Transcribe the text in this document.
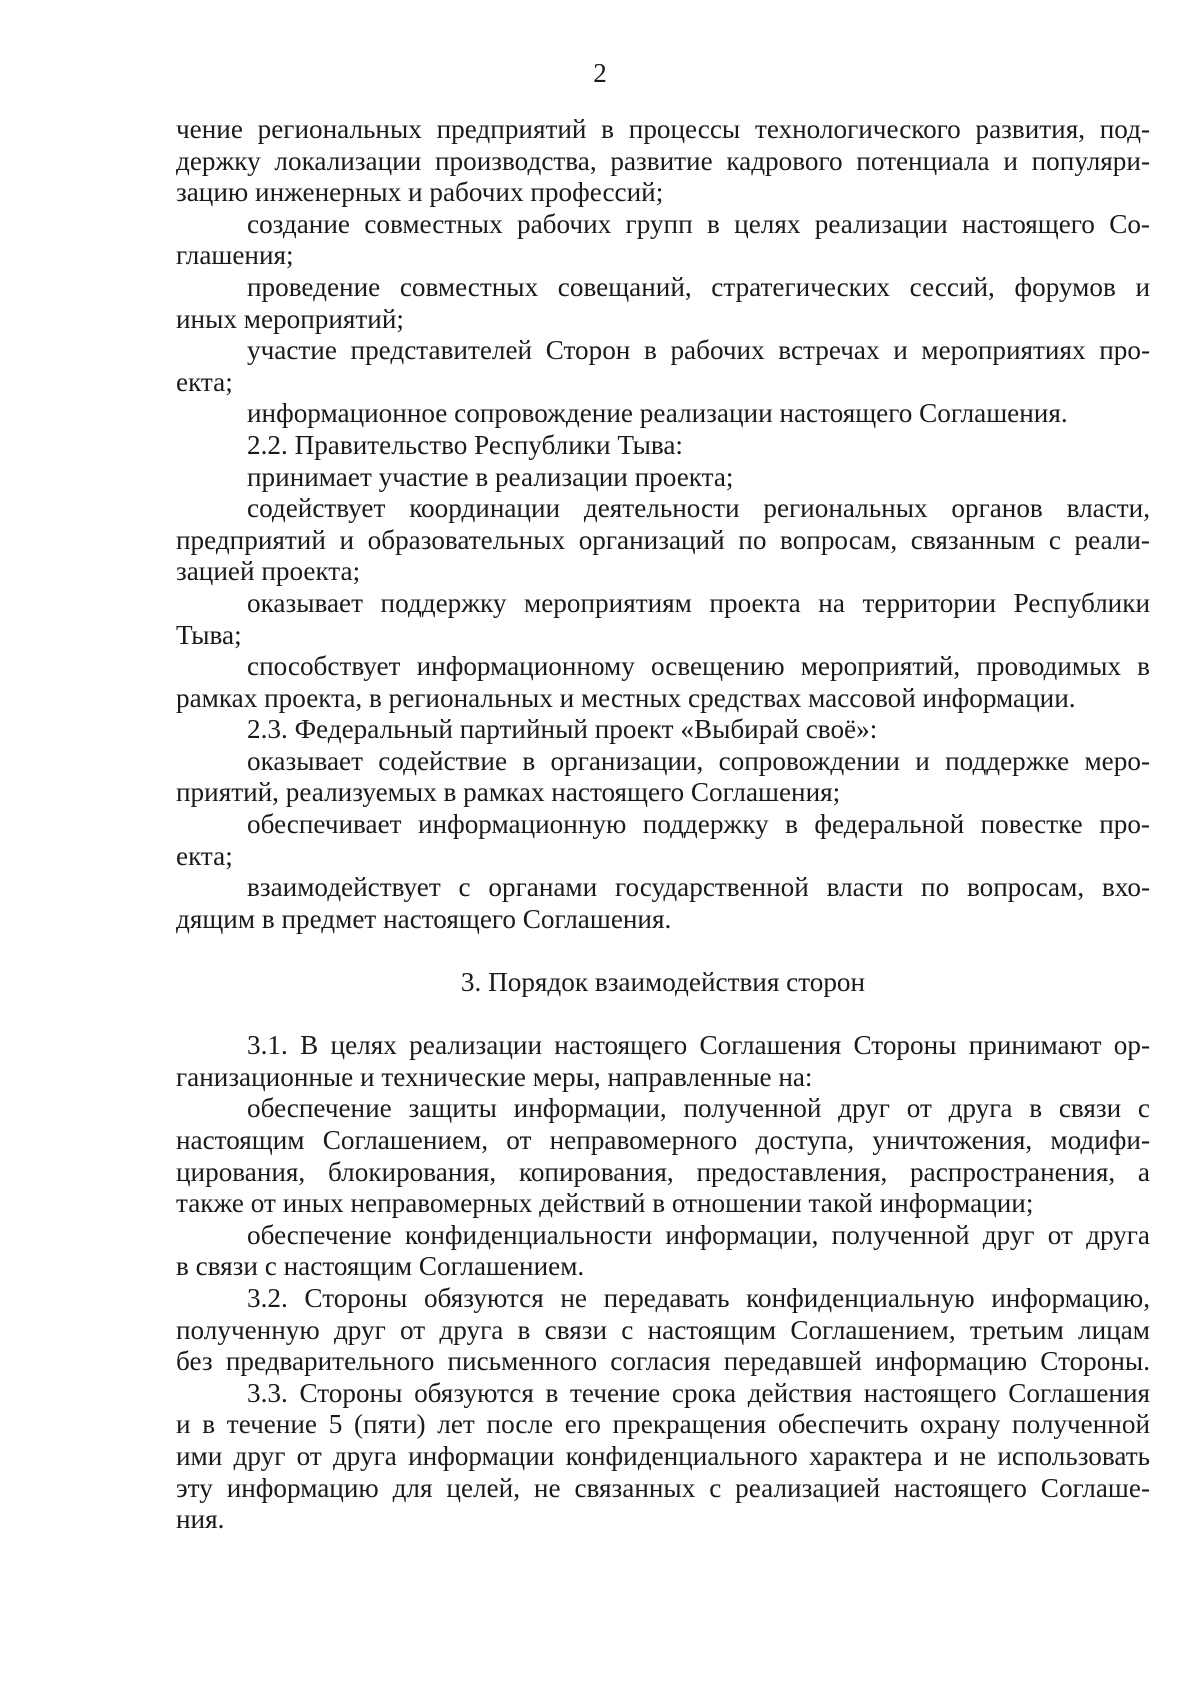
2
чение региональных предприятий в процессы технологического развития, под-
держку локализации производства, развитие кадрового потенциала и популяри-
зацию инженерных и рабочих профессий;
создание совместных рабочих групп в целях реализации настоящего Со-
глашения;
проведение совместных совещаний, стратегических сессий, форумов и
иных мероприятий;
участие представителей Сторон в рабочих встречах и мероприятиях про-
екта;
информационное сопровождение реализации настоящего Соглашения.
2.2. Правительство Республики Тыва:
принимает участие в реализации проекта;
содействует координации деятельности региональных органов власти,
предприятий и образовательных организаций по вопросам, связанным с реали-
зацией проекта;
оказывает поддержку мероприятиям проекта на территории Республики
Тыва;
способствует информационному освещению мероприятий, проводимых в
рамках проекта, в региональных и местных средствах массовой информации.
2.3. Федеральный партийный проект «Выбирай своё»:
оказывает содействие в организации, сопровождении и поддержке меро-
приятий, реализуемых в рамках настоящего Соглашения;
обеспечивает информационную поддержку в федеральной повестке про-
екта;
взаимодействует с органами государственной власти по вопросам, вхо-
дящим в предмет настоящего Соглашения.
3. Порядок взаимодействия сторон
3.1. В целях реализации настоящего Соглашения Стороны принимают ор-
ганизационные и технические меры, направленные на:
обеспечение защиты информации, полученной друг от друга в связи с
настоящим Соглашением, от неправомерного доступа, уничтожения, модифи-
цирования, блокирования, копирования, предоставления, распространения, а
также от иных неправомерных действий в отношении такой информации;
обеспечение конфиденциальности информации, полученной друг от друга
в связи с настоящим Соглашением.
3.2. Стороны обязуются не передавать конфиденциальную информацию,
полученную друг от друга в связи с настоящим Соглашением, третьим лицам
без предварительного письменного согласия передавшей информацию Стороны.
3.3. Стороны обязуются в течение срока действия настоящего Соглашения
и в течение 5 (пяти) лет после его прекращения обеспечить охрану полученной
ими друг от друга информации конфиденциального характера и не использовать
эту информацию для целей, не связанных с реализацией настоящего Соглаше-
ния.
